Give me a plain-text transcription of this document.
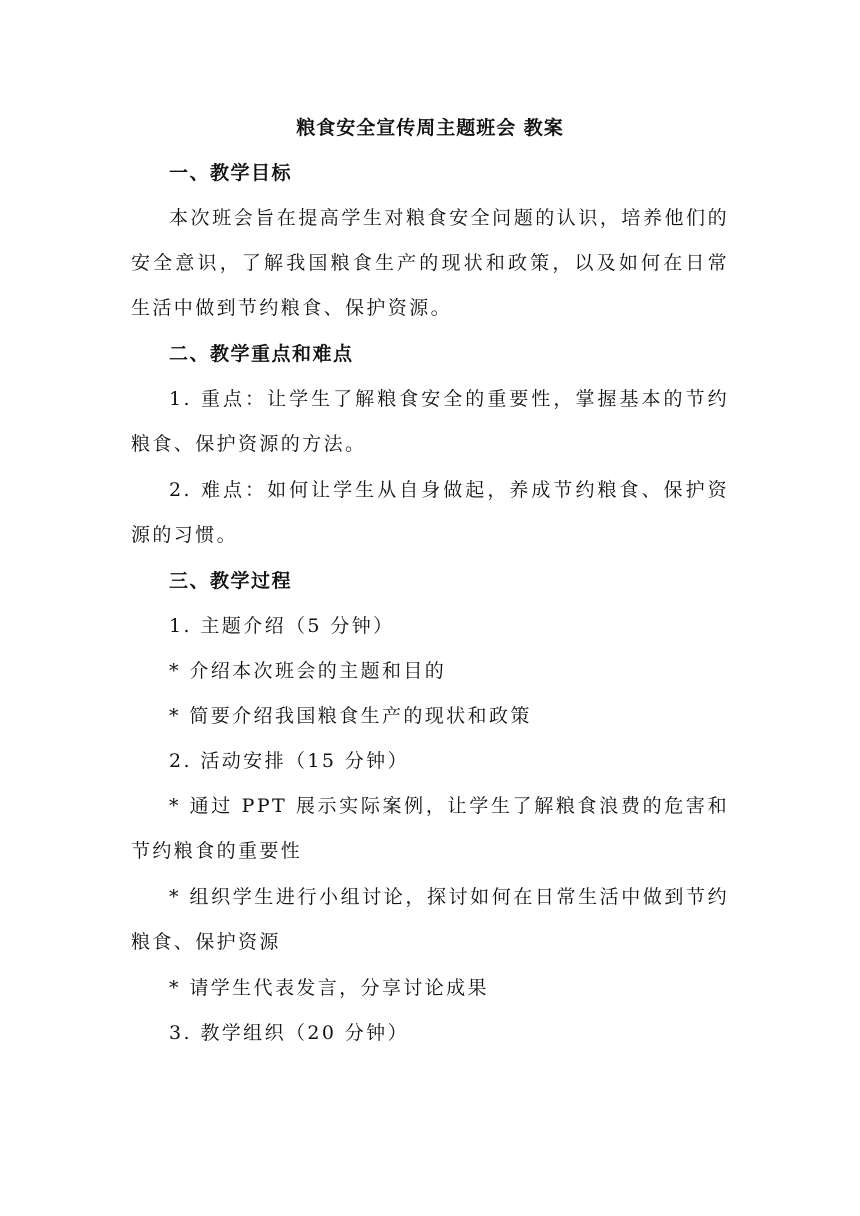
粮食安全宣传周主题班会 教案
一、教学目标

本次班会旨在提高学生对粮食安全问题的认识，培养他们的安全意识，了解我国粮食生产的现状和政策，以及如何在日常生活中做到节约粮食、保护资源。

二、教学重点和难点

1. 重点：让学生了解粮食安全的重要性，掌握基本的节约粮食、保护资源的方法。

2. 难点：如何让学生从自身做起，养成节约粮食、保护资源的习惯。

三、教学过程

1. 主题介绍（5 分钟）

* 介绍本次班会的主题和目的

* 简要介绍我国粮食生产的现状和政策

2. 活动安排（15 分钟）

* 通过 PPT 展示实际案例，让学生了解粮食浪费的危害和节约粮食的重要性

* 组织学生进行小组讨论，探讨如何在日常生活中做到节约粮食、保护资源

* 请学生代表发言，分享讨论成果

3. 教学组织（20 分钟）
